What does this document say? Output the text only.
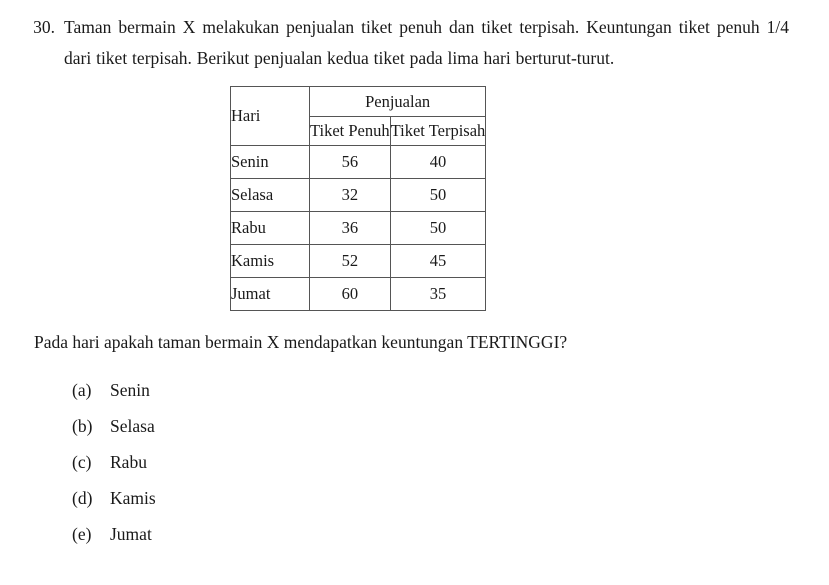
30. Taman bermain X melakukan penjualan tiket penuh dan tiket terpisah. Keuntungan tiket penuh 1/4 dari tiket terpisah. Berikut penjualan kedua tiket pada lima hari berturut-turut.
Hari	Penjualan	
	Tiket Penuh	Tiket Terpisah
Senin	56	40
Selasa	32	50
Rabu	36	50
Kamis	52	45
Jumat	60	35
Pada hari apakah taman bermain X mendapatkan keuntungan TERTINGGI?
(a)	Senin
(b)	Selasa
(c)	Rabu
(d)	Kamis
(e)	Jumat
